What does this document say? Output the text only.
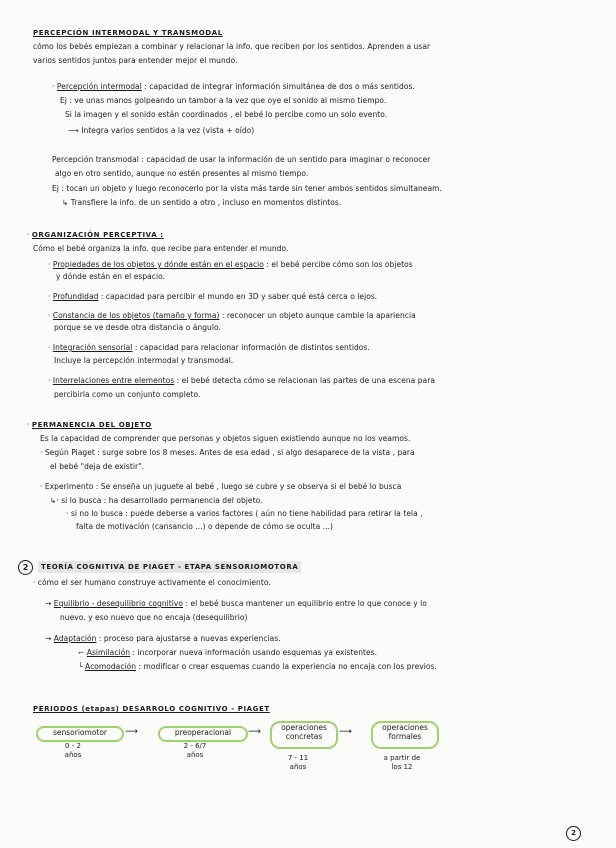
PERCEPCIÓN INTERMODAL Y TRANSMODAL
cómo los bebés empiezan a combinar y relacionar la info. que reciben por los sentidos. Aprenden a usar
varios sentidos juntos para entender mejor el mundo.
· Percepción intermodal : capacidad de integrar información simultánea de dos o más sentidos.
Ej : ve unas manos golpeando un tambor a la vez que oye el sonido al mismo tiempo.
Si la imagen y el sonido están coordinados , el bebé lo percibe como un solo evento.
⟶ Integra varios sentidos a la vez (vista + oído)
Percepción transmodal : capacidad de usar la información de un sentido para imaginar o reconocer
algo en otro sentido, aunque no estén presentes al mismo tiempo.
Ej : tocan un objeto y luego reconocerlo por la vista más tarde sin tener ambos sentidos simultaneam.
↳ Transfiere la info. de un sentido a otro , incluso en momentos distintos.
· ORGANIZACIÓN PERCEPTIVA :
Cómo el bebé organiza la info. que recibe para entender el mundo.
· Propiedades de los objetos y dónde están en el espacio : el bebé percibe cómo son los objetos
y dónde están en el espacio.
· Profundidad : capacidad para percibir el mundo en 3D y saber qué está cerca o lejos.
· Constancia de los objetos (tamaño y forma) : reconocer un objeto aunque cambie la apariencia
porque se ve desde otra distancia o ángulo.
· Integración sensorial : capacidad para relacionar información de distintos sentidos.
Incluye la percepción intermodal y transmodal.
· Interrelaciones entre elementos : el bebé detecta cómo se relacionan las partes de una escena para
percibirla como un conjunto completo.
· PERMANENCIA DEL OBJETO
Es la capacidad de comprender que personas y objetos siguen existiendo aunque no los veamos.
· Según Piaget : surge sobre los 8 meses. Antes de esa edad , si algo desaparece de la vista , para
el bebé "deja de existir".
· Experimento : Se enseña un juguete al bebé , luego se cubre y se observa si el bebé lo busca
↳· si lo busca : ha desarrollado permanencia del objeto.
· si no lo busca : puede deberse a varios factores ( aún no tiene habilidad para retirar la tela ,
falta de motivación (cansancio ...) o depende de cómo se oculta ...)
2	TEORÍA COGNITIVA DE PIAGET - ETAPA SENSORIOMOTORA
· cómo el ser humano construye activamente el conocimiento.
→ Equilibrio - desequilibrio cognitivo : el bebé busca mantener un equilibrio entre lo que conoce y lo
nuevo. y eso nuevo que no encaja (desequilibrio)
→ Adaptación : proceso para ajustarse a nuevas experiencias.
⌐ Asimilación : incorporar nueva información usando esquemas ya existentes.
└ Acomodación : modificar o crear esquemas cuando la experiencia no encaja con los previos.
PERIODOS (etapas) DESARROLO COGNITIVO - PIAGET
sensoriomotor	⟶	preoperacional	⟶	operaciones
concretas	⟶	operaciones
formales
0 - 2
años
2 - 6/7
años	7 - 11
años
a partir de
los 12
2
